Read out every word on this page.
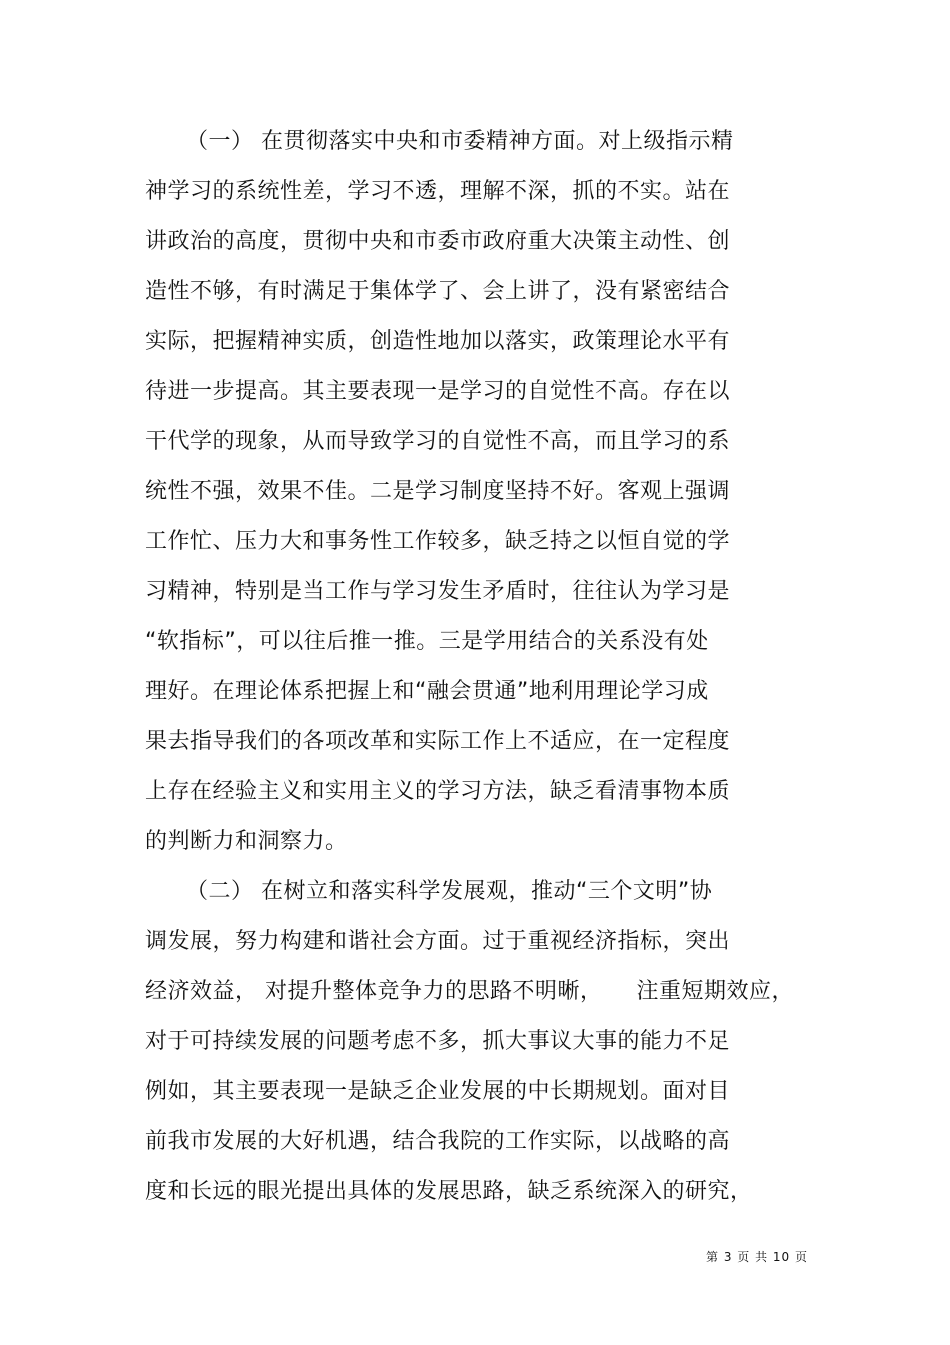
（一） 在贯彻落实中央和市委精神方面。对上级指示精
神学习的系统性差，学习不透，理解不深，抓的不实。站在
讲政治的高度，贯彻中央和市委市政府重大决策主动性、创
造性不够，有时满足于集体学了、会上讲了，没有紧密结合
实际，把握精神实质，创造性地加以落实，政策理论水平有
待进一步提高。其主要表现一是学习的自觉性不高。存在以
干代学的现象，从而导致学习的自觉性不高，而且学习的系
统性不强，效果不佳。二是学习制度坚持不好。客观上强调
工作忙、压力大和事务性工作较多，缺乏持之以恒自觉的学
习精神，特别是当工作与学习发生矛盾时，往往认为学习是
“软指标”，可以往后推一推。三是学用结合的关系没有处
理好。在理论体系把握上和“融会贯通”地利用理论学习成
果去指导我们的各项改革和实际工作上不适应，在一定程度
上存在经验主义和实用主义的学习方法，缺乏看清事物本质
的判断力和洞察力。
（二） 在树立和落实科学发展观，推动“三个文明”协
调发展，努力构建和谐社会方面。过于重视经济指标，突出
经济效益， 对提升整体竞争力的思路不明晰，　　注重短期效应，
对于可持续发展的问题考虑不多，抓大事议大事的能力不足
例如，其主要表现一是缺乏企业发展的中长期规划。面对目
前我市发展的大好机遇，结合我院的工作实际，以战略的高
度和长远的眼光提出具体的发展思路，缺乏系统深入的研究，
第 3 页 共 10 页
